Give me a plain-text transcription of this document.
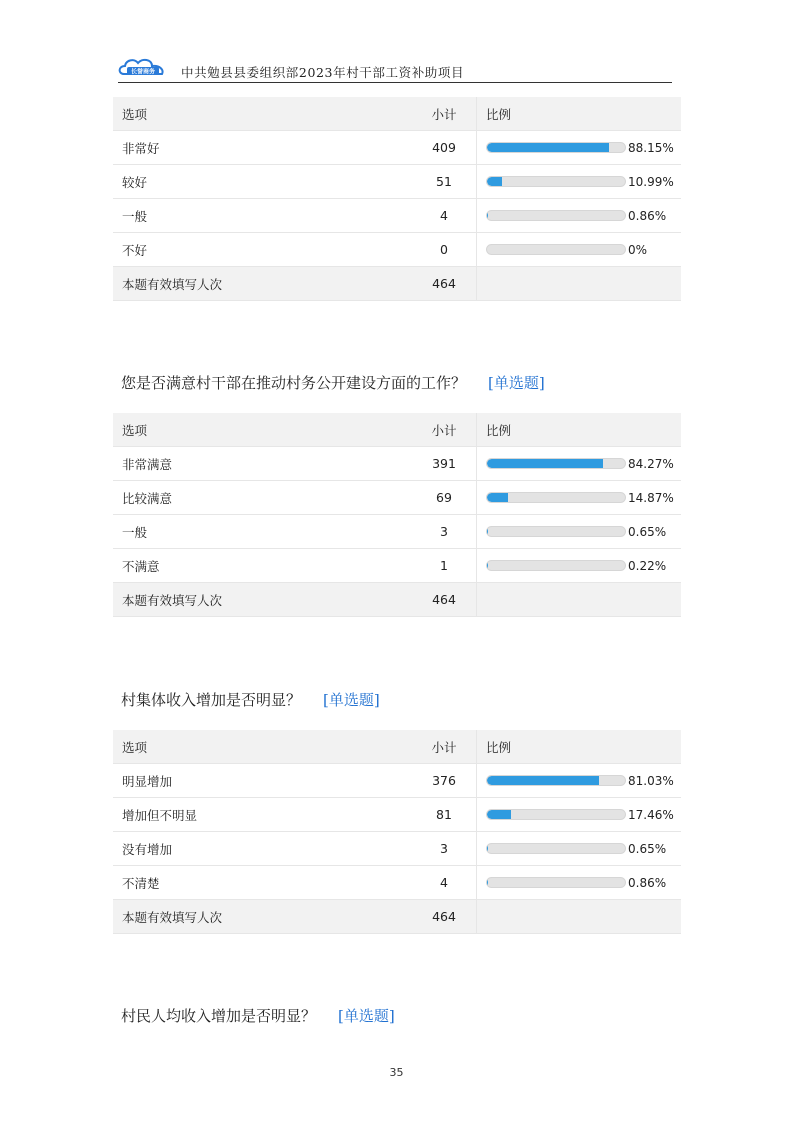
长誉商务 中共勉县县委组织部2023年村干部工资补助项目
选项	小计	比例
非常好	409	88.15%

较好	51	10.99%

一般	4	0.86%

不好	0	0%

本题有效填写人次	464	
您是否满意村干部在推动村务公开建设方面的工作？ [单选题]
选项	小计	比例
非常满意	391	84.27%

比较满意	69	14.87%

一般	3	0.65%

不满意	1	0.22%

本题有效填写人次	464	
村集体收入增加是否明显？ [单选题]
选项	小计	比例
明显增加	376	81.03%

增加但不明显	81	17.46%

没有增加	3	0.65%

不清楚	4	0.86%

本题有效填写人次	464	
村民人均收入增加是否明显？ [单选题]
35
